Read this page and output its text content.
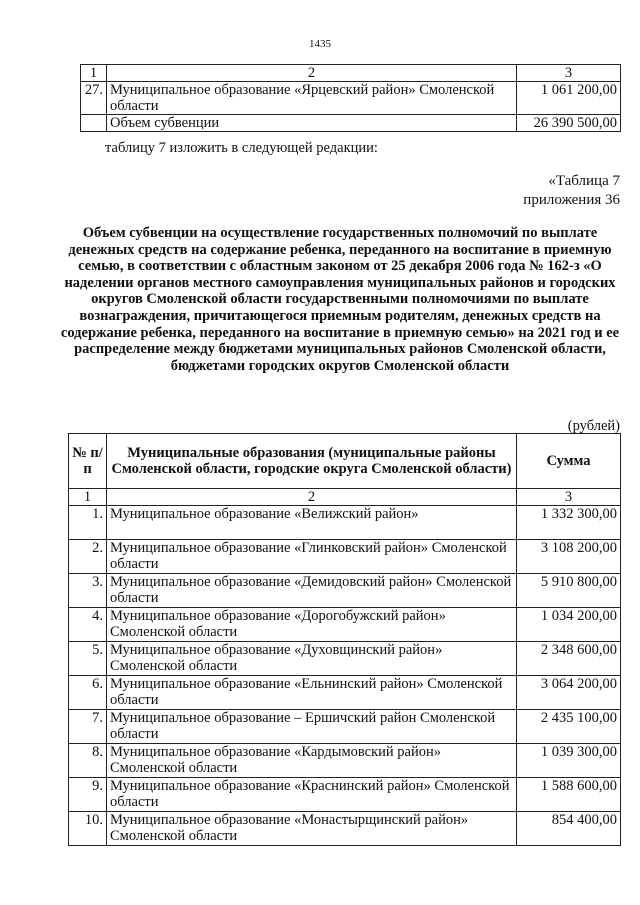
1435
1	2	3
27.	Муниципальное образование «Ярцевский район» Смоленской области	1 061 200,00
	Объем субвенции	26 390 500,00
таблицу 7 изложить в следующей редакции:
«Таблица 7
приложения 36
Объем субвенции на осуществление государственных полномочий по выплате денежных средств на содержание ребенка, переданного на воспитание в приемную семью, в соответствии с областным законом от 25 декабря 2006 года № 162-з «О наделении органов местного самоуправления муниципальных районов и городских округов Смоленской области государственными полномочиями по выплате вознаграждения, причитающегося приемным родителям, денежных средств на содержание ребенка, переданного на воспитание в приемную семью» на 2021 год и ее распределение между бюджетами муниципальных районов Смоленской области, бюджетами городских округов Смоленской области
(рублей)
№ п/п	Муниципальные образования (муниципальные районы Смоленской области, городские округа Смоленской области)	Сумма
1	2	3
1.	Муниципальное образование «Велижский район»	1 332 300,00
2.	Муниципальное образование «Глинковский район» Смоленской области	3 108 200,00
3.	Муниципальное образование «Демидовский район» Смоленской области	5 910 800,00
4.	Муниципальное образование «Дорогобужский район» Смоленской области	1 034 200,00
5.	Муниципальное образование «Духовщинский район» Смоленской области	2 348 600,00
6.	Муниципальное образование «Ельнинский район» Смоленской области	3 064 200,00
7.	Муниципальное образование – Ершичский район Смоленской области	2 435 100,00
8.	Муниципальное образование «Кардымовский район» Смоленской области	1 039 300,00
9.	Муниципальное образование «Краснинский район» Смоленской области	1 588 600,00
10.	Муниципальное образование «Монастырщинский район» Смоленской области	854 400,00
